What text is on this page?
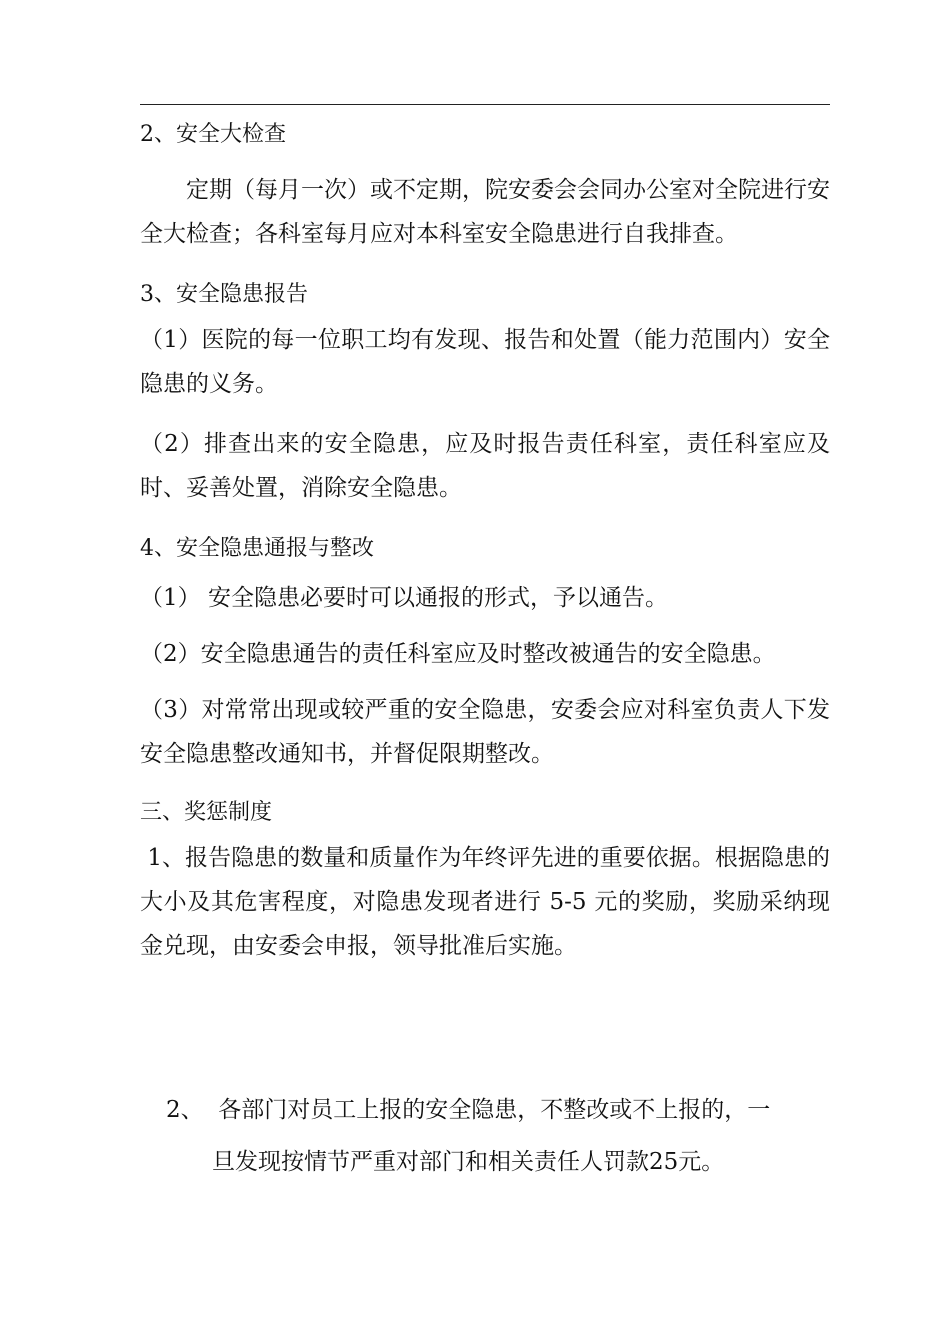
2、安全大检查
定期（每月一次）或不定期，院安委会会同办公室对全院进行安全大检查；各科室每月应对本科室安全隐患进行自我排查。
3、安全隐患报告
（1）医院的每一位职工均有发现、报告和处置（能力范围内）安全隐患的义务。
（2）排查出来的安全隐患，应及时报告责任科室，责任科室应及时、妥善处置，消除安全隐患。
4、安全隐患通报与整改
（1） 安全隐患必要时可以通报的形式，予以通告。
（2）安全隐患通告的责任科室应及时整改被通告的安全隐患。
（3）对常常出现或较严重的安全隐患，安委会应对科室负责人下发安全隐患整改通知书，并督促限期整改。
三、奖惩制度
1、报告隐患的数量和质量作为年终评先进的重要依据。根据隐患的大小及其危害程度，对隐患发现者进行 5-5 元的奖励，奖励采纳现金兑现，由安委会申报，领导批准后实施。
2、  各部门对员工上报的安全隐患，不整改或不上报的，一
旦发现按情节严重对部门和相关责任人罚款25元。
